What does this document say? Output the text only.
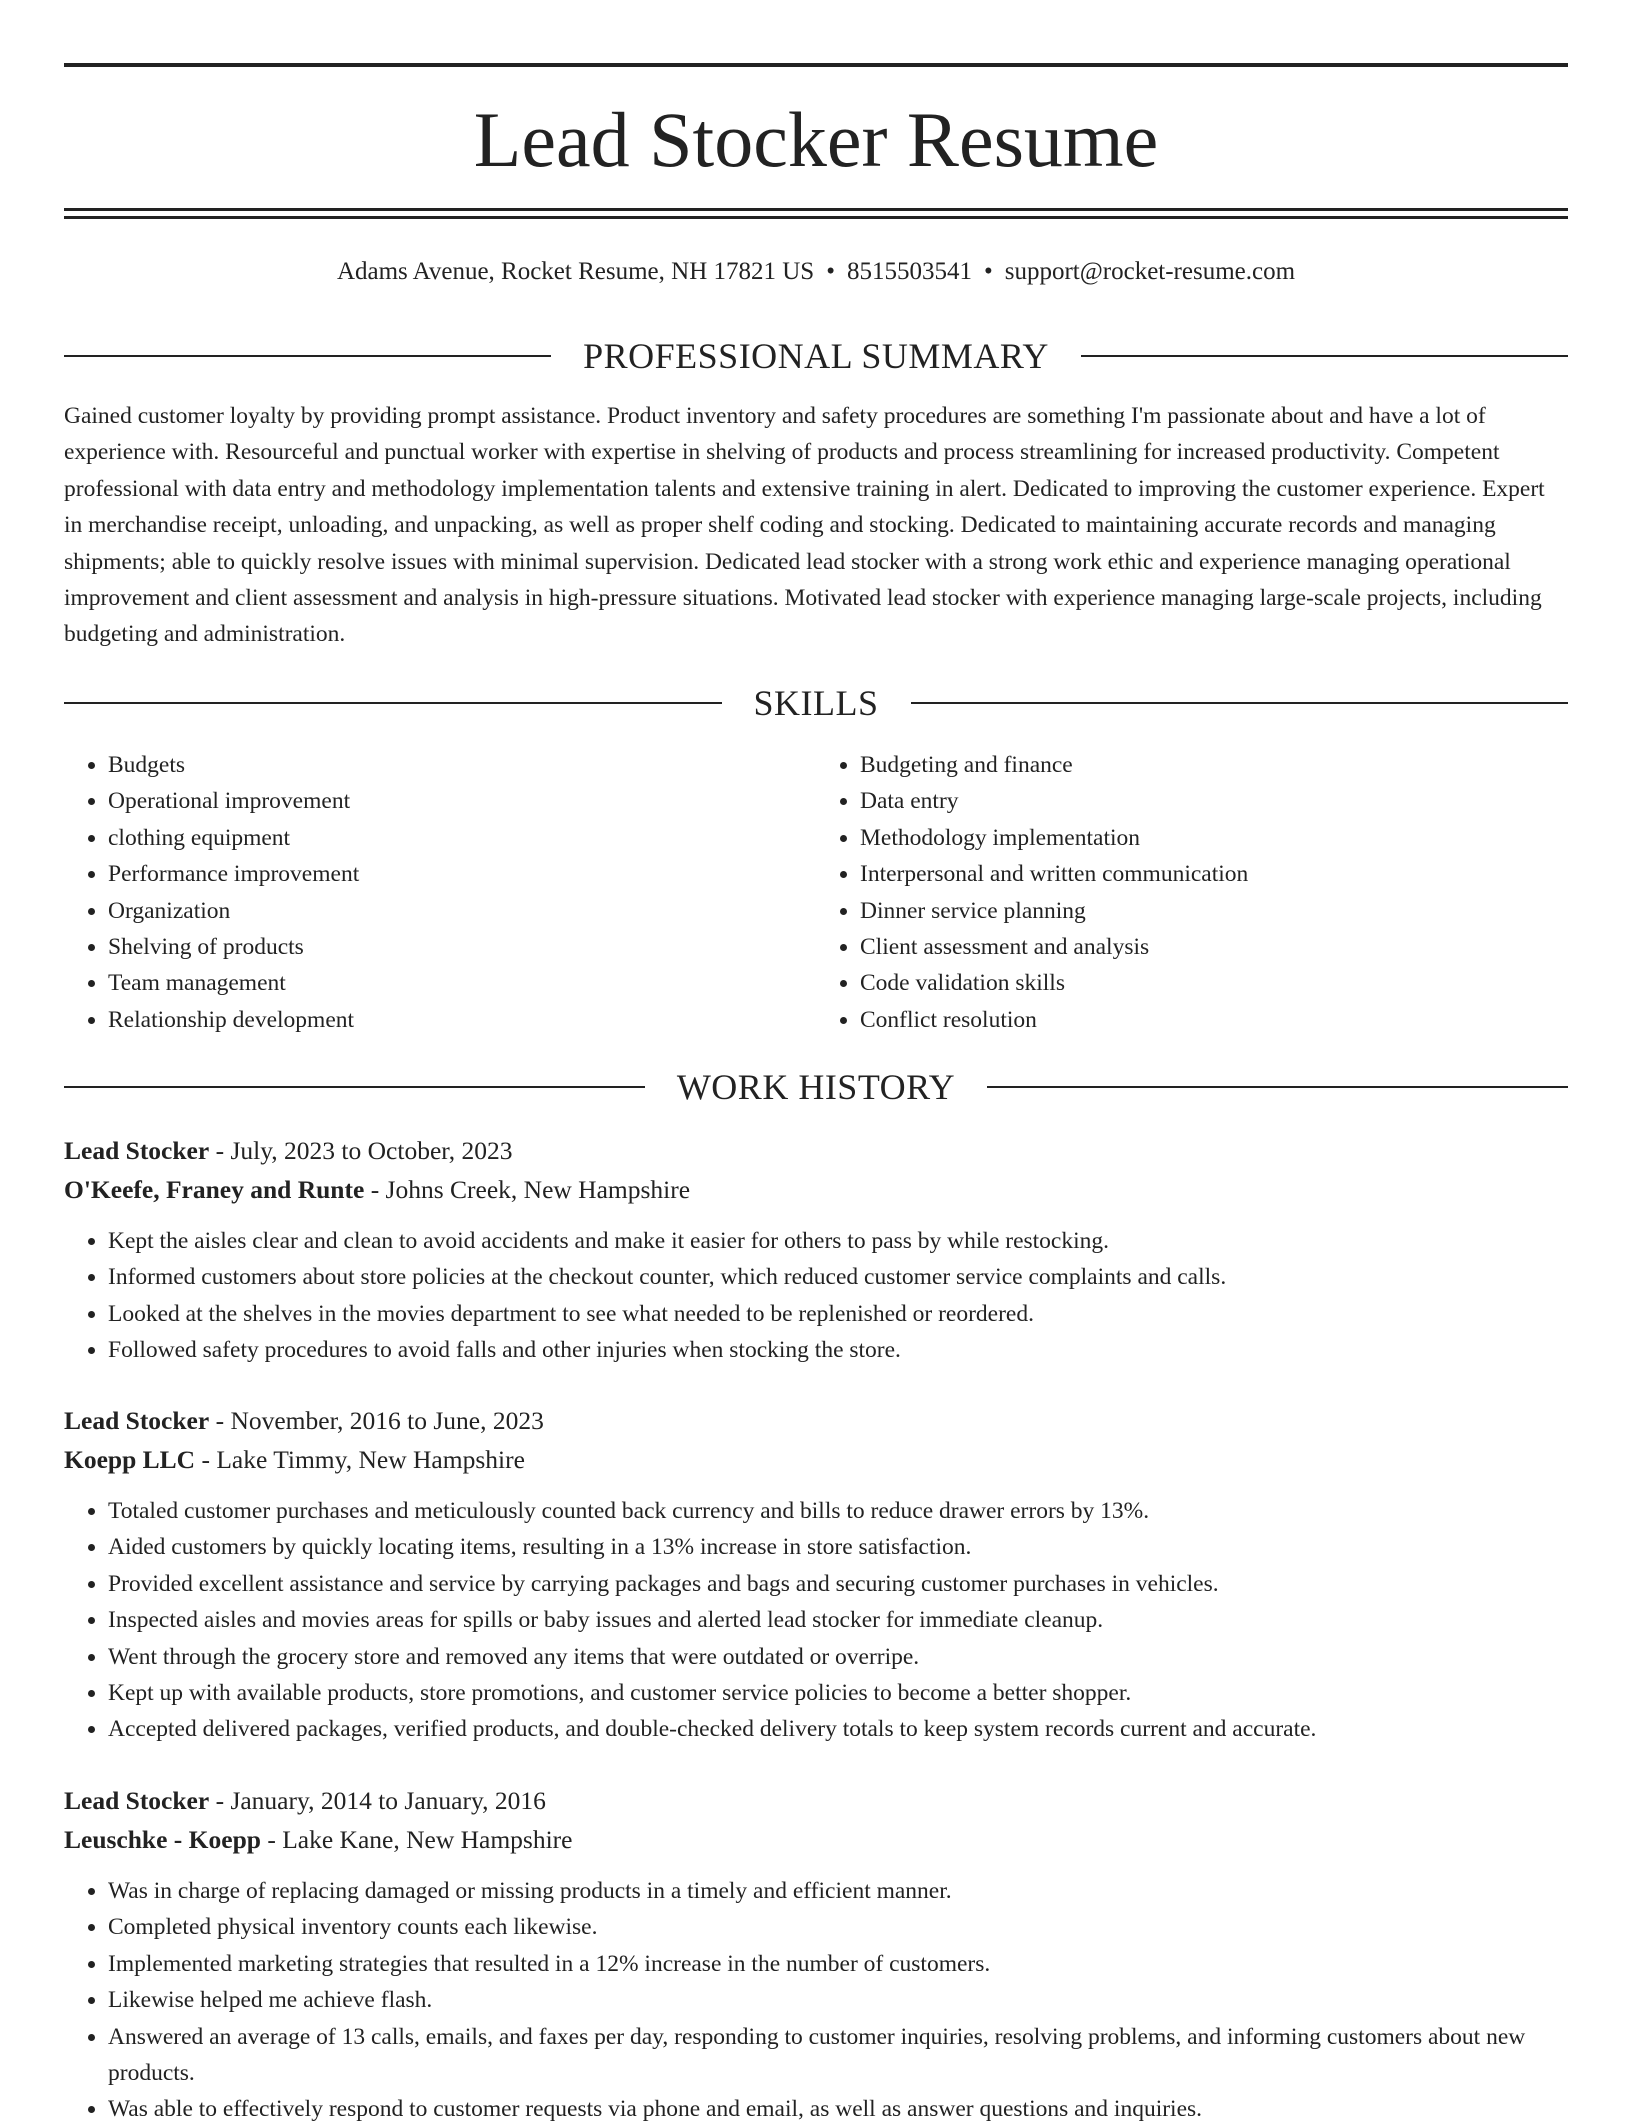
Lead Stocker Resume
Adams Avenue, Rocket Resume, NH 17821 US • 8515503541 • support@rocket-resume.com
PROFESSIONAL SUMMARY

Gained customer loyalty by providing prompt assistance. Product inventory and safety procedures are something I'm passionate about and have a lot of experience with. Resourceful and punctual worker with expertise in shelving of products and process streamlining for increased productivity. Competent professional with data entry and methodology implementation talents and extensive training in alert. Dedicated to improving the customer experience. Expert in merchandise receipt, unloading, and unpacking, as well as proper shelf coding and stocking. Dedicated to maintaining accurate records and managing shipments; able to quickly resolve issues with minimal supervision. Dedicated lead stocker with a strong work ethic and experience managing operational improvement and client assessment and analysis in high-pressure situations. Motivated lead stocker with experience managing large-scale projects, including budgeting and administration.

SKILLS
• Budgets
• Operational improvement
• clothing equipment
• Performance improvement
• Organization
• Shelving of products
• Team management
• Relationship development
• Budgeting and finance
• Data entry
• Methodology implementation
• Interpersonal and written communication
• Dinner service planning
• Client assessment and analysis
• Code validation skills
• Conflict resolution
WORK HISTORY
Lead Stocker - July, 2023 to October, 2023
O'Keefe, Franey and Runte - Johns Creek, New Hampshire
• Kept the aisles clear and clean to avoid accidents and make it easier for others to pass by while restocking.
• Informed customers about store policies at the checkout counter, which reduced customer service complaints and calls.
• Looked at the shelves in the movies department to see what needed to be replenished or reordered.
• Followed safety procedures to avoid falls and other injuries when stocking the store.
Lead Stocker - November, 2016 to June, 2023
Koepp LLC - Lake Timmy, New Hampshire
• Totaled customer purchases and meticulously counted back currency and bills to reduce drawer errors by 13%.
• Aided customers by quickly locating items, resulting in a 13% increase in store satisfaction.
• Provided excellent assistance and service by carrying packages and bags and securing customer purchases in vehicles.
• Inspected aisles and movies areas for spills or baby issues and alerted lead stocker for immediate cleanup.
• Went through the grocery store and removed any items that were outdated or overripe.
• Kept up with available products, store promotions, and customer service policies to become a better shopper.
• Accepted delivered packages, verified products, and double-checked delivery totals to keep system records current and accurate.
Lead Stocker - January, 2014 to January, 2016
Leuschke - Koepp - Lake Kane, New Hampshire
• Was in charge of replacing damaged or missing products in a timely and efficient manner.
• Completed physical inventory counts each likewise.
• Implemented marketing strategies that resulted in a 12% increase in the number of customers.
• Likewise helped me achieve flash.
• Answered an average of 13 calls, emails, and faxes per day, responding to customer inquiries, resolving problems, and informing customers about new products.
• Was able to effectively respond to customer requests via phone and email, as well as answer questions and inquiries.
